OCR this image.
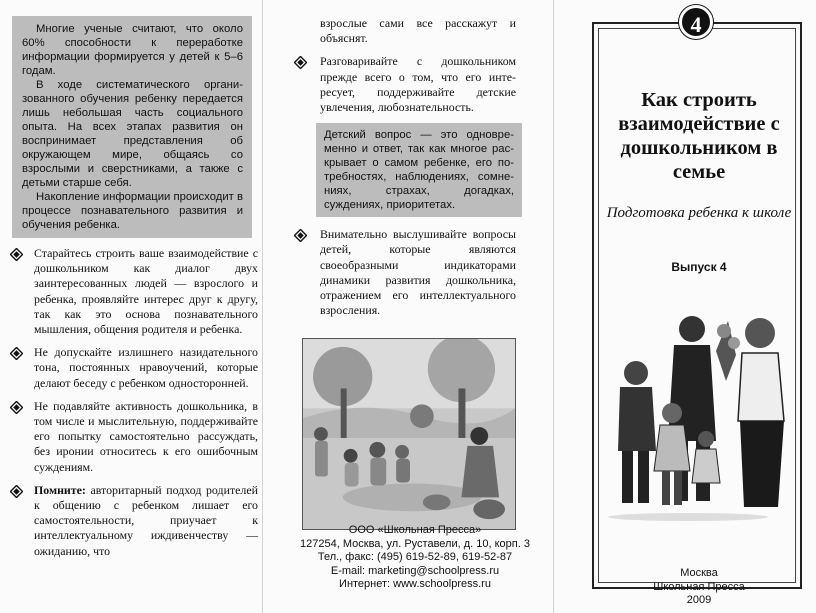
Многие ученые считают, что около 60% способности к переработке информации формируется у детей к 5–6 годам.

В ходе систематического организованного обучения ребенку передается лишь небольшая часть социального опыта. На всех этапах развития он воспринимает представления об окружающем мире, общаясь со взрослыми и сверстниками, а также с детьми старше себя.

Накопление информации происходит в процессе познавательного развития и обучения ребенка.

Старайтесь строить ваше взаимодействие с дошкольником как диалог двух заинтересованных людей — взрослого и ребенка, проявляйте интерес друг к другу, так как это основа познавательного мышления, общения родителя и ребенка.
Не допускайте излишнего назидательного тона, постоянных нравоучений, которые делают беседу с ребенком односторонней.
Не подавляйте активность дошкольника, в том числе и мыслительную, поддерживайте его попытку самостоятельно рассуждать, без иронии относитесь к его ошибочным суждениям.
Помните: авторитарный подход родителей к общению с ребенком лишает его самостоятельности, приучает к интеллектуальному иждивенчеству — ожиданию, что

взрослые сами все расскажут и объяснят.

Разговаривайте с дошкольником прежде всего о том, что его интересует, поддерживайте детские увлечения, любознательность.
Детский вопрос — это одновременно и ответ, так как многое раскрывает о самом ребенке, его потребностях, наблюдениях, сомнениях, страхах, догадках, суждениях, приоритетах.
Внимательно выслушивайте вопросы детей, которые являются своеобразными индикаторами динамики развития дошкольника, отражением его интеллектуального взросления.
ООО «Школьная Пресса»
127254, Москва, ул. Руставели, д. 10, корп. 3
Тел., факс: (495) 619-52-89, 619-52-87
E-mail: marketing@schoolpress.ru
Интернет: www.schoolpress.ru
Как строить взаимодействие с дошкольником в семье
Подготовка ребенка к школе
Выпуск 4
Москва
Школьная Пресса
2009
4
